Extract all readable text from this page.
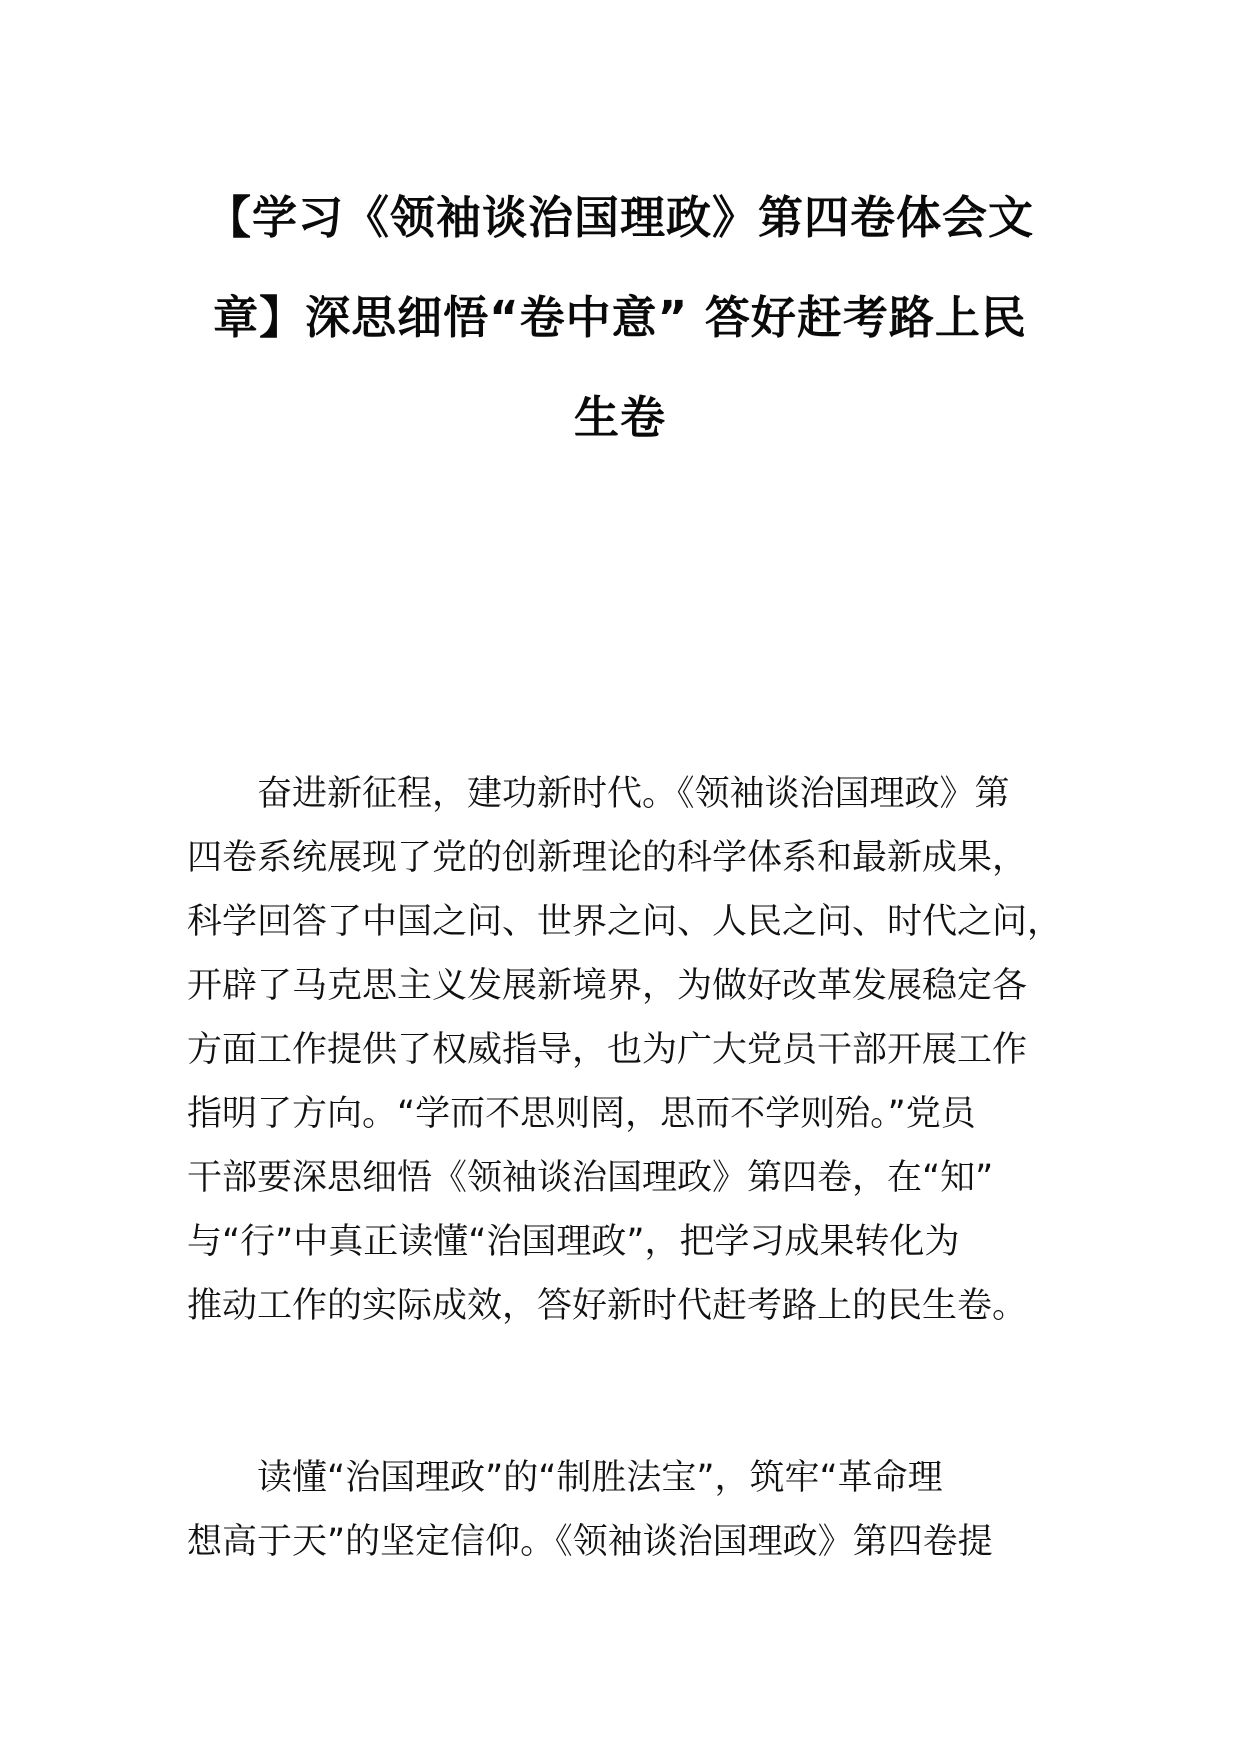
【学习《领袖谈治国理政》第四卷体会文
章】深思细悟“卷中意” 答好赶考路上民
生卷
奋进新征程，建功新时代。《领袖谈治国理政》第
四卷系统展现了党的创新理论的科学体系和最新成果，
科学回答了中国之问、世界之问、人民之问、时代之问，
开辟了马克思主义发展新境界，为做好改革发展稳定各
方面工作提供了权威指导，也为广大党员干部开展工作
指明了方向。“学而不思则罔，思而不学则殆。”党员
干部要深思细悟《领袖谈治国理政》第四卷，在“知”
与“行”中真正读懂“治国理政”，把学习成果转化为
推动工作的实际成效，答好新时代赶考路上的民生卷。
读懂“治国理政”的“制胜法宝”，筑牢“革命理
想高于天”的坚定信仰。《领袖谈治国理政》第四卷提
